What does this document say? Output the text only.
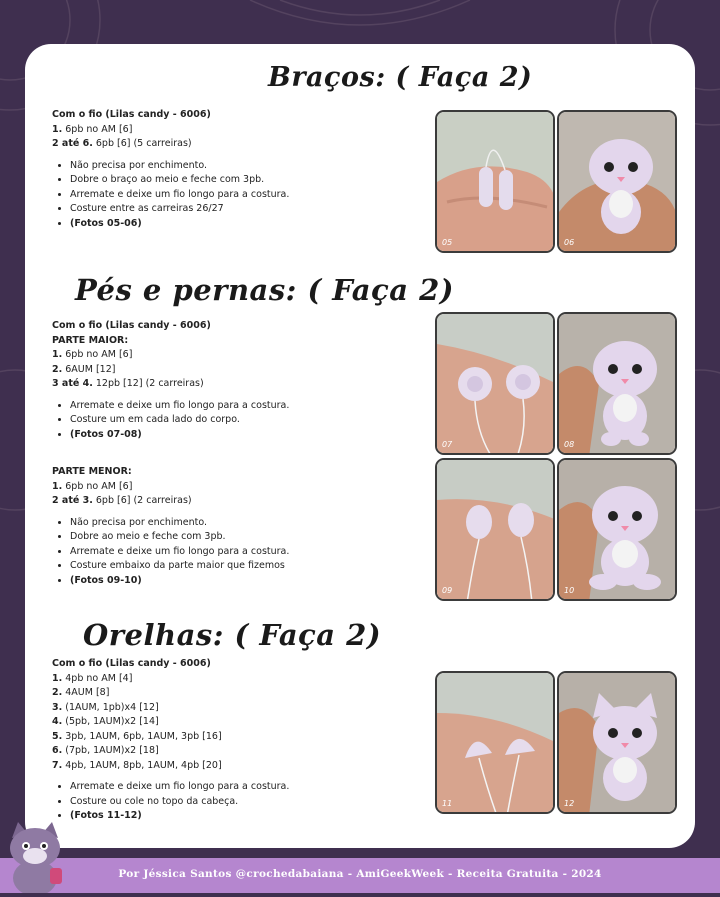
Braços: ( Faça 2)
Com o fio (Lilas candy - 6006)
1. 6pb no AM [6]
2 até 6. 6pb [6] (5 carreiras)
• Não precisa por enchimento.
• Dobre o braço ao meio e feche com 3pb.
• Arremate e deixe um fio longo para a costura.
• Costure entre as carreiras 26/27
• (Fotos 05-06)
05	06
Pés e pernas: ( Faça 2)
Com o fio (Lilas candy - 6006)
PARTE MAIOR:
1. 6pb no AM [6]
2. 6AUM [12]
3 até 4. 12pb [12] (2 carreiras)
• Arremate e deixe um fio longo para a costura.
• Costure um em cada lado do corpo.
• (Fotos 07-08)
PARTE MENOR:
1. 6pb no AM [6]
2 até 3. 6pb [6] (2 carreiras)
• Não precisa por enchimento.
• Dobre ao meio e feche com 3pb.
• Arremate e deixe um fio longo para a costura.
• Costure embaixo da parte maior que fizemos
• (Fotos 09-10)
07	08
09	10
Orelhas: ( Faça 2)
Com o fio (Lilas candy - 6006)
1. 4pb no AM [4]
2. 4AUM [8]
3. (1AUM, 1pb)x4 [12]
4. (5pb, 1AUM)x2 [14]
5. 3pb, 1AUM, 6pb, 1AUM, 3pb [16]
6. (7pb, 1AUM)x2 [18]
7. 4pb, 1AUM, 8pb, 1AUM, 4pb [20]
• Arremate e deixe um fio longo para a costura.
• Costure ou cole no topo da cabeça.
• (Fotos 11-12)
11	12
Por Jéssica Santos @crochedabaiana - AmiGeekWeek - Receita Gratuita - 2024
